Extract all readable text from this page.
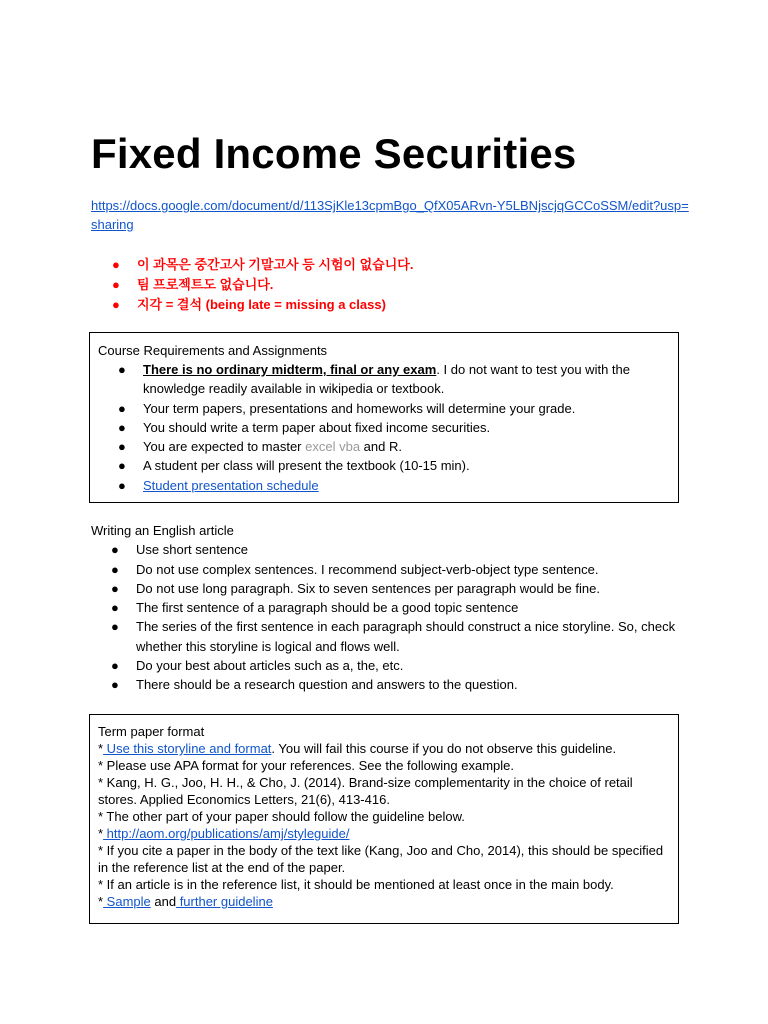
Fixed Income Securities
https://docs.google.com/document/d/113SjKle13cpmBgo_QfX05ARvn-Y5LBNjscjqGCCoSSM/edit?usp=sharing
● 이 과목은 중간고사 기말고사 등 시험이 없습니다.
● 팀 프로젝트도 없습니다.
● 지각 = 결석 (being late = missing a class)
Course Requirements and Assignments
● There is no ordinary midterm, final or any exam. I do not want to test you with the knowledge readily available in wikipedia or textbook.
● Your term papers, presentations and homeworks will determine your grade.
● You should write a term paper about fixed income securities.
● You are expected to master excel vba and R.
● A student per class will present the textbook (10-15 min).
● Student presentation schedule
Writing an English article
● Use short sentence
● Do not use complex sentences. I recommend subject-verb-object type sentence.
● Do not use long paragraph. Six to seven sentences per paragraph would be fine.
● The first sentence of a paragraph should be a good topic sentence
● The series of the first sentence in each paragraph should construct a nice storyline. So, check whether this storyline is logical and flows well.
● Do your best about articles such as a, the, etc.
● There should be a research question and answers to the question.

Term paper format

* Use this storyline and format. You will fail this course if you do not observe this guideline.

* Please use APA format for your references. See the following example.

* Kang, H. G., Joo, H. H., & Cho, J. (2014). Brand-size complementarity in the choice of retail stores. Applied Economics Letters, 21(6), 413-416.

* The other part of your paper should follow the guideline below.

* http://aom.org/publications/amj/styleguide/

* If you cite a paper in the body of the text like (Kang, Joo and Cho, 2014), this should be specified in the reference list at the end of the paper.

* If an article is in the reference list, it should be mentioned at least once in the main body.

* Sample and further guideline
